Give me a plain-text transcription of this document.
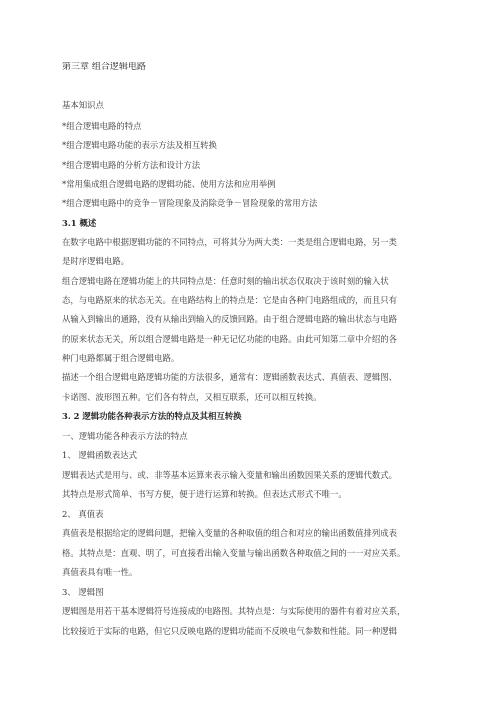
第三章 组合逻辑电路
基本知识点
*组合逻辑电路的特点
*组合逻辑电路功能的表示方法及相互转换
*组合逻辑电路的分析方法和设计方法
*常用集成组合逻辑电路的逻辑功能、使用方法和应用举例
*组合逻辑电路中的竞争－冒险现象及消除竞争－冒险现象的常用方法
3.1 概述
在数字电路中根据逻辑功能的不同特点，可将其分为两大类：一类是组合逻辑电路，另一类
是时序逻辑电路。
组合逻辑电路在逻辑功能上的共同特点是：任意时刻的输出状态仅取决于该时刻的输入状
态，与电路原来的状态无关。在电路结构上的特点是：它是由各种门电路组成的，而且只有
从输入到输出的通路，没有从输出到输入的反馈回路。由于组合逻辑电路的输出状态与电路
的原来状态无关，所以组合逻辑电路是一种无记忆功能的电路。由此可知第二章中介绍的各
种门电路都属于组合逻辑电路。
描述一个组合逻辑电路逻辑功能的方法很多，通常有：逻辑函数表达式、真值表、逻辑图、
卡诺图、波形图五种。它们各有特点，又相互联系，还可以相互转换。
3. 2 逻辑功能各种表示方法的特点及其相互转换
一、逻辑功能各种表示方法的特点
1、 逻辑函数表达式
逻辑表达式是用与、或、非等基本运算来表示输入变量和输出函数因果关系的逻辑代数式。
其特点是形式简单、书写方便，便于进行运算和转换。但表达式形式不唯一。
2、 真值表
真值表是根据给定的逻辑问题，把输入变量的各种取值的组合和对应的输出函数值排列成表
格。其特点是：直观、明了，可直接看出输入变量与输出函数各种取值之间的一一对应关系。
真值表具有唯一性。
3、 逻辑图
逻辑图是用若干基本逻辑符号连接成的电路图。其特点是：与实际使用的器件有着对应关系，
比较接近于实际的电路，但它只反映电路的逻辑功能而不反映电气参数和性能。同一种逻辑
